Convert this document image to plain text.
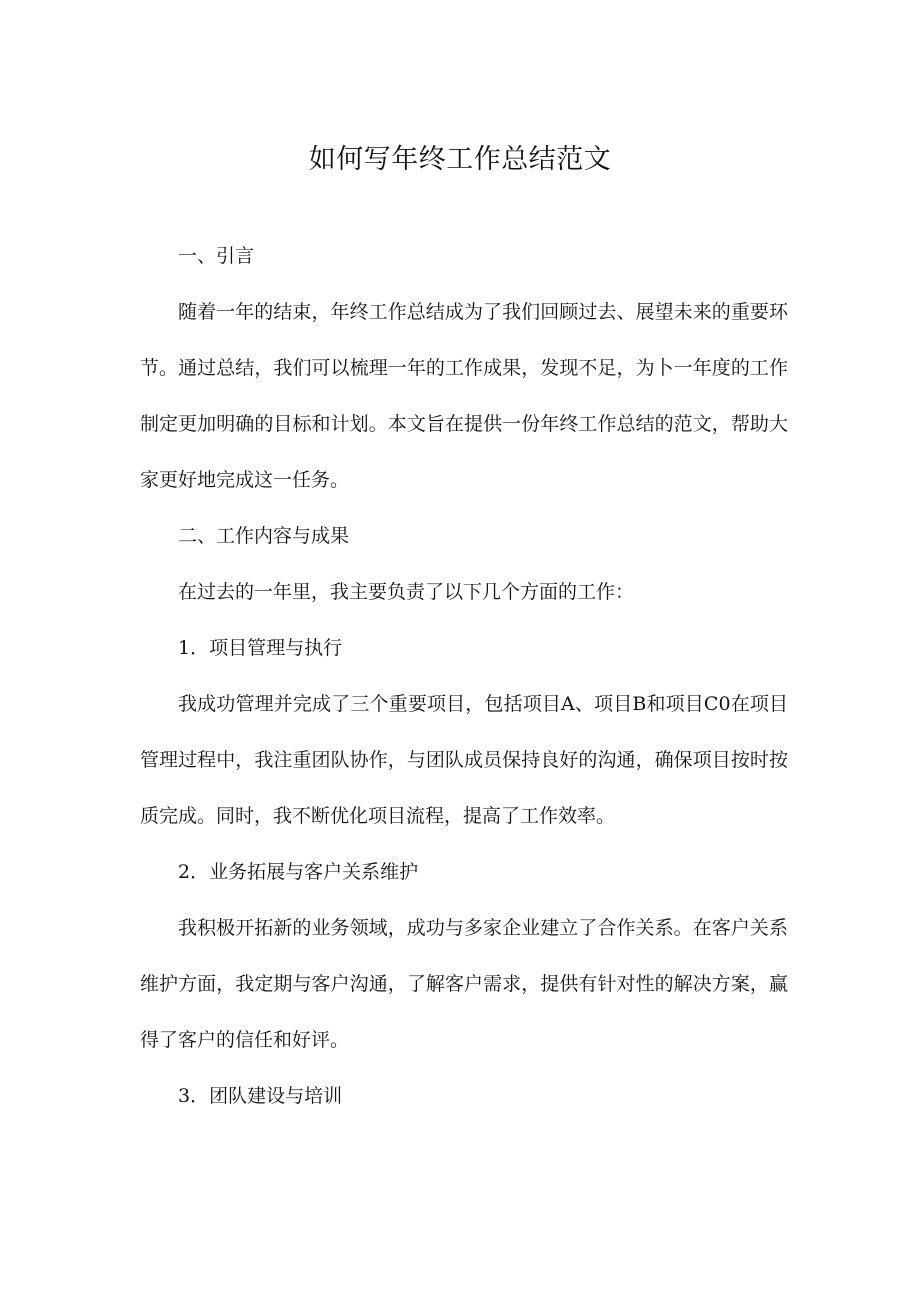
如何写年终工作总结范文

一、引言

随着一年的结束，年终工作总结成为了我们回顾过去、展望未来的重要环节。通过总结，我们可以梳理一年的工作成果，发现不足，为卜一年度的工作制定更加明确的目标和计划。本文旨在提供一份年终工作总结的范文，帮助大家更好地完成这一任务。

二、工作内容与成果

在过去的一年里，我主要负责了以下几个方面的工作：

1．项目管理与执行

我成功管理并完成了三个重要项目，包括项目A、项目B和项目C0在项目管理过程中，我注重团队协作，与团队成员保持良好的沟通，确保项目按时按质完成。同时，我不断优化项目流程，提高了工作效率。

2．业务拓展与客户关系维护

我积极开拓新的业务领域，成功与多家企业建立了合作关系。在客户关系维护方面，我定期与客户沟通，了解客户需求，提供有针对性的解决方案，赢得了客户的信任和好评。

3．团队建设与培训
